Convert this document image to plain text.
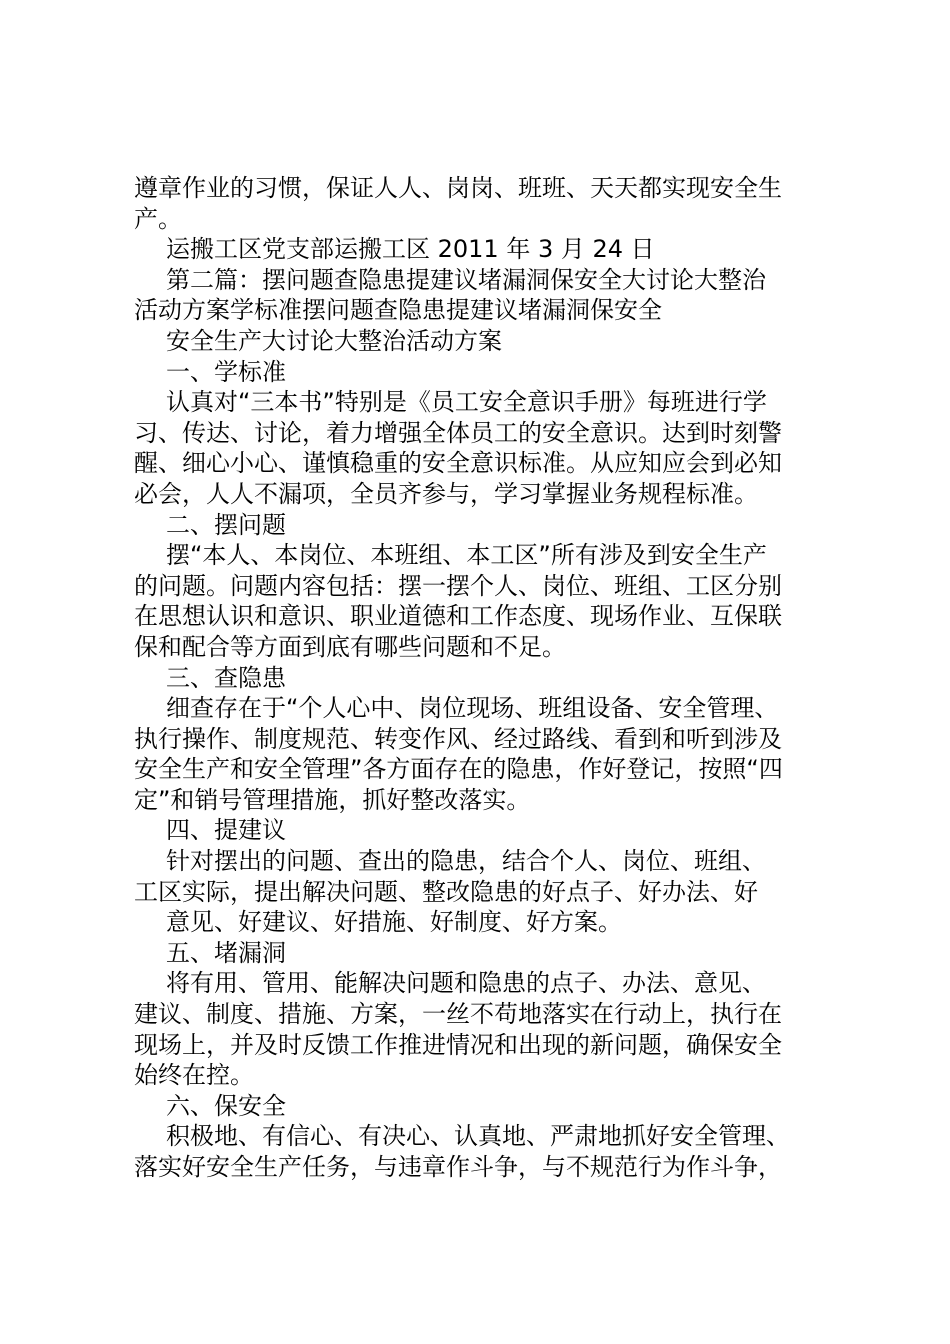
遵章作业的习惯，保证人人、岗岗、班班、天天都实现安全生
产。
运搬工区党支部运搬工区 2011 年 3 月 24 日
第二篇：摆问题查隐患提建议堵漏洞保安全大讨论大整治
活动方案学标准摆问题查隐患提建议堵漏洞保安全
安全生产大讨论大整治活动方案
一、学标准
认真对“三本书”特别是《员工安全意识手册》每班进行学
习、传达、讨论，着力增强全体员工的安全意识。达到时刻警
醒、细心小心、谨慎稳重的安全意识标准。从应知应会到必知
必会，人人不漏项，全员齐参与，学习掌握业务规程标准。
二、摆问题
摆“本人、本岗位、本班组、本工区”所有涉及到安全生产
的问题。问题内容包括：摆一摆个人、岗位、班组、工区分别
在思想认识和意识、职业道德和工作态度、现场作业、互保联
保和配合等方面到底有哪些问题和不足。
三、查隐患
细查存在于“个人心中、岗位现场、班组设备、安全管理、
执行操作、制度规范、转变作风、经过路线、看到和听到涉及
安全生产和安全管理”各方面存在的隐患，作好登记，按照“四
定”和销号管理措施，抓好整改落实。
四、提建议
针对摆出的问题、查出的隐患，结合个人、岗位、班组、
工区实际，提出解决问题、整改隐患的好点子、好办法、好
意见、好建议、好措施、好制度、好方案。
五、堵漏洞
将有用、管用、能解决问题和隐患的点子、办法、意见、
建议、制度、措施、方案，一丝不苟地落实在行动上，执行在
现场上，并及时反馈工作推进情况和出现的新问题，确保安全
始终在控。
六、保安全
积极地、有信心、有决心、认真地、严肃地抓好安全管理、
落实好安全生产任务，与违章作斗争，与不规范行为作斗争，
